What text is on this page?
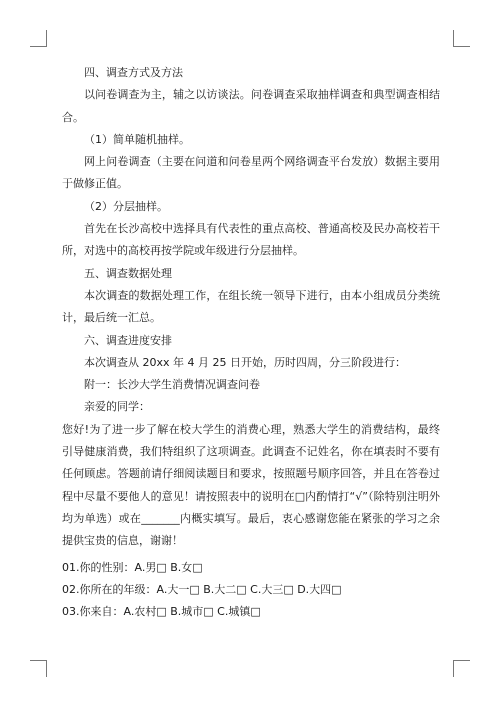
四、调查方式及方法

以问卷调查为主，辅之以访谈法。问卷调查采取抽样调查和典型调查相结合。

（1）简单随机抽样。

网上问卷调查（主要在问道和问卷星两个网络调查平台发放）数据主要用于做修正值。

（2）分层抽样。

首先在长沙高校中选择具有代表性的重点高校、普通高校及民办高校若干所，对选中的高校再按学院或年级进行分层抽样。

五、调查数据处理

本次调查的数据处理工作，在组长统一领导下进行，由本小组成员分类统计，最后统一汇总。

六、调查进度安排

本次调查从 20xx 年 4 月 25 日开始，历时四周，分三阶段进行：

附一：长沙大学生消费情况调查问卷

亲爱的同学：

您好!为了进一步了解在校大学生的消费心理，熟悉大学生的消费结构，最终引导健康消费，我们特组织了这项调查。此调查不记姓名，你在填表时不要有任何顾虑。答题前请仔细阅读题目和要求，按照题号顺序回答，并且在答卷过程中尽量不要他人的意见！请按照表中的说明在□内酌情打“√”（除特别注明外均为单选）或在_______内概实填写。最后，衷心感谢您能在紧张的学习之余提供宝贵的信息，谢谢！

01.你的性别：A.男□ B.女□

02.你所在的年级：A.大一□ B.大二□ C.大三□ D.大四□

03.你来自：A.农村□ B.城市□ C.城镇□
